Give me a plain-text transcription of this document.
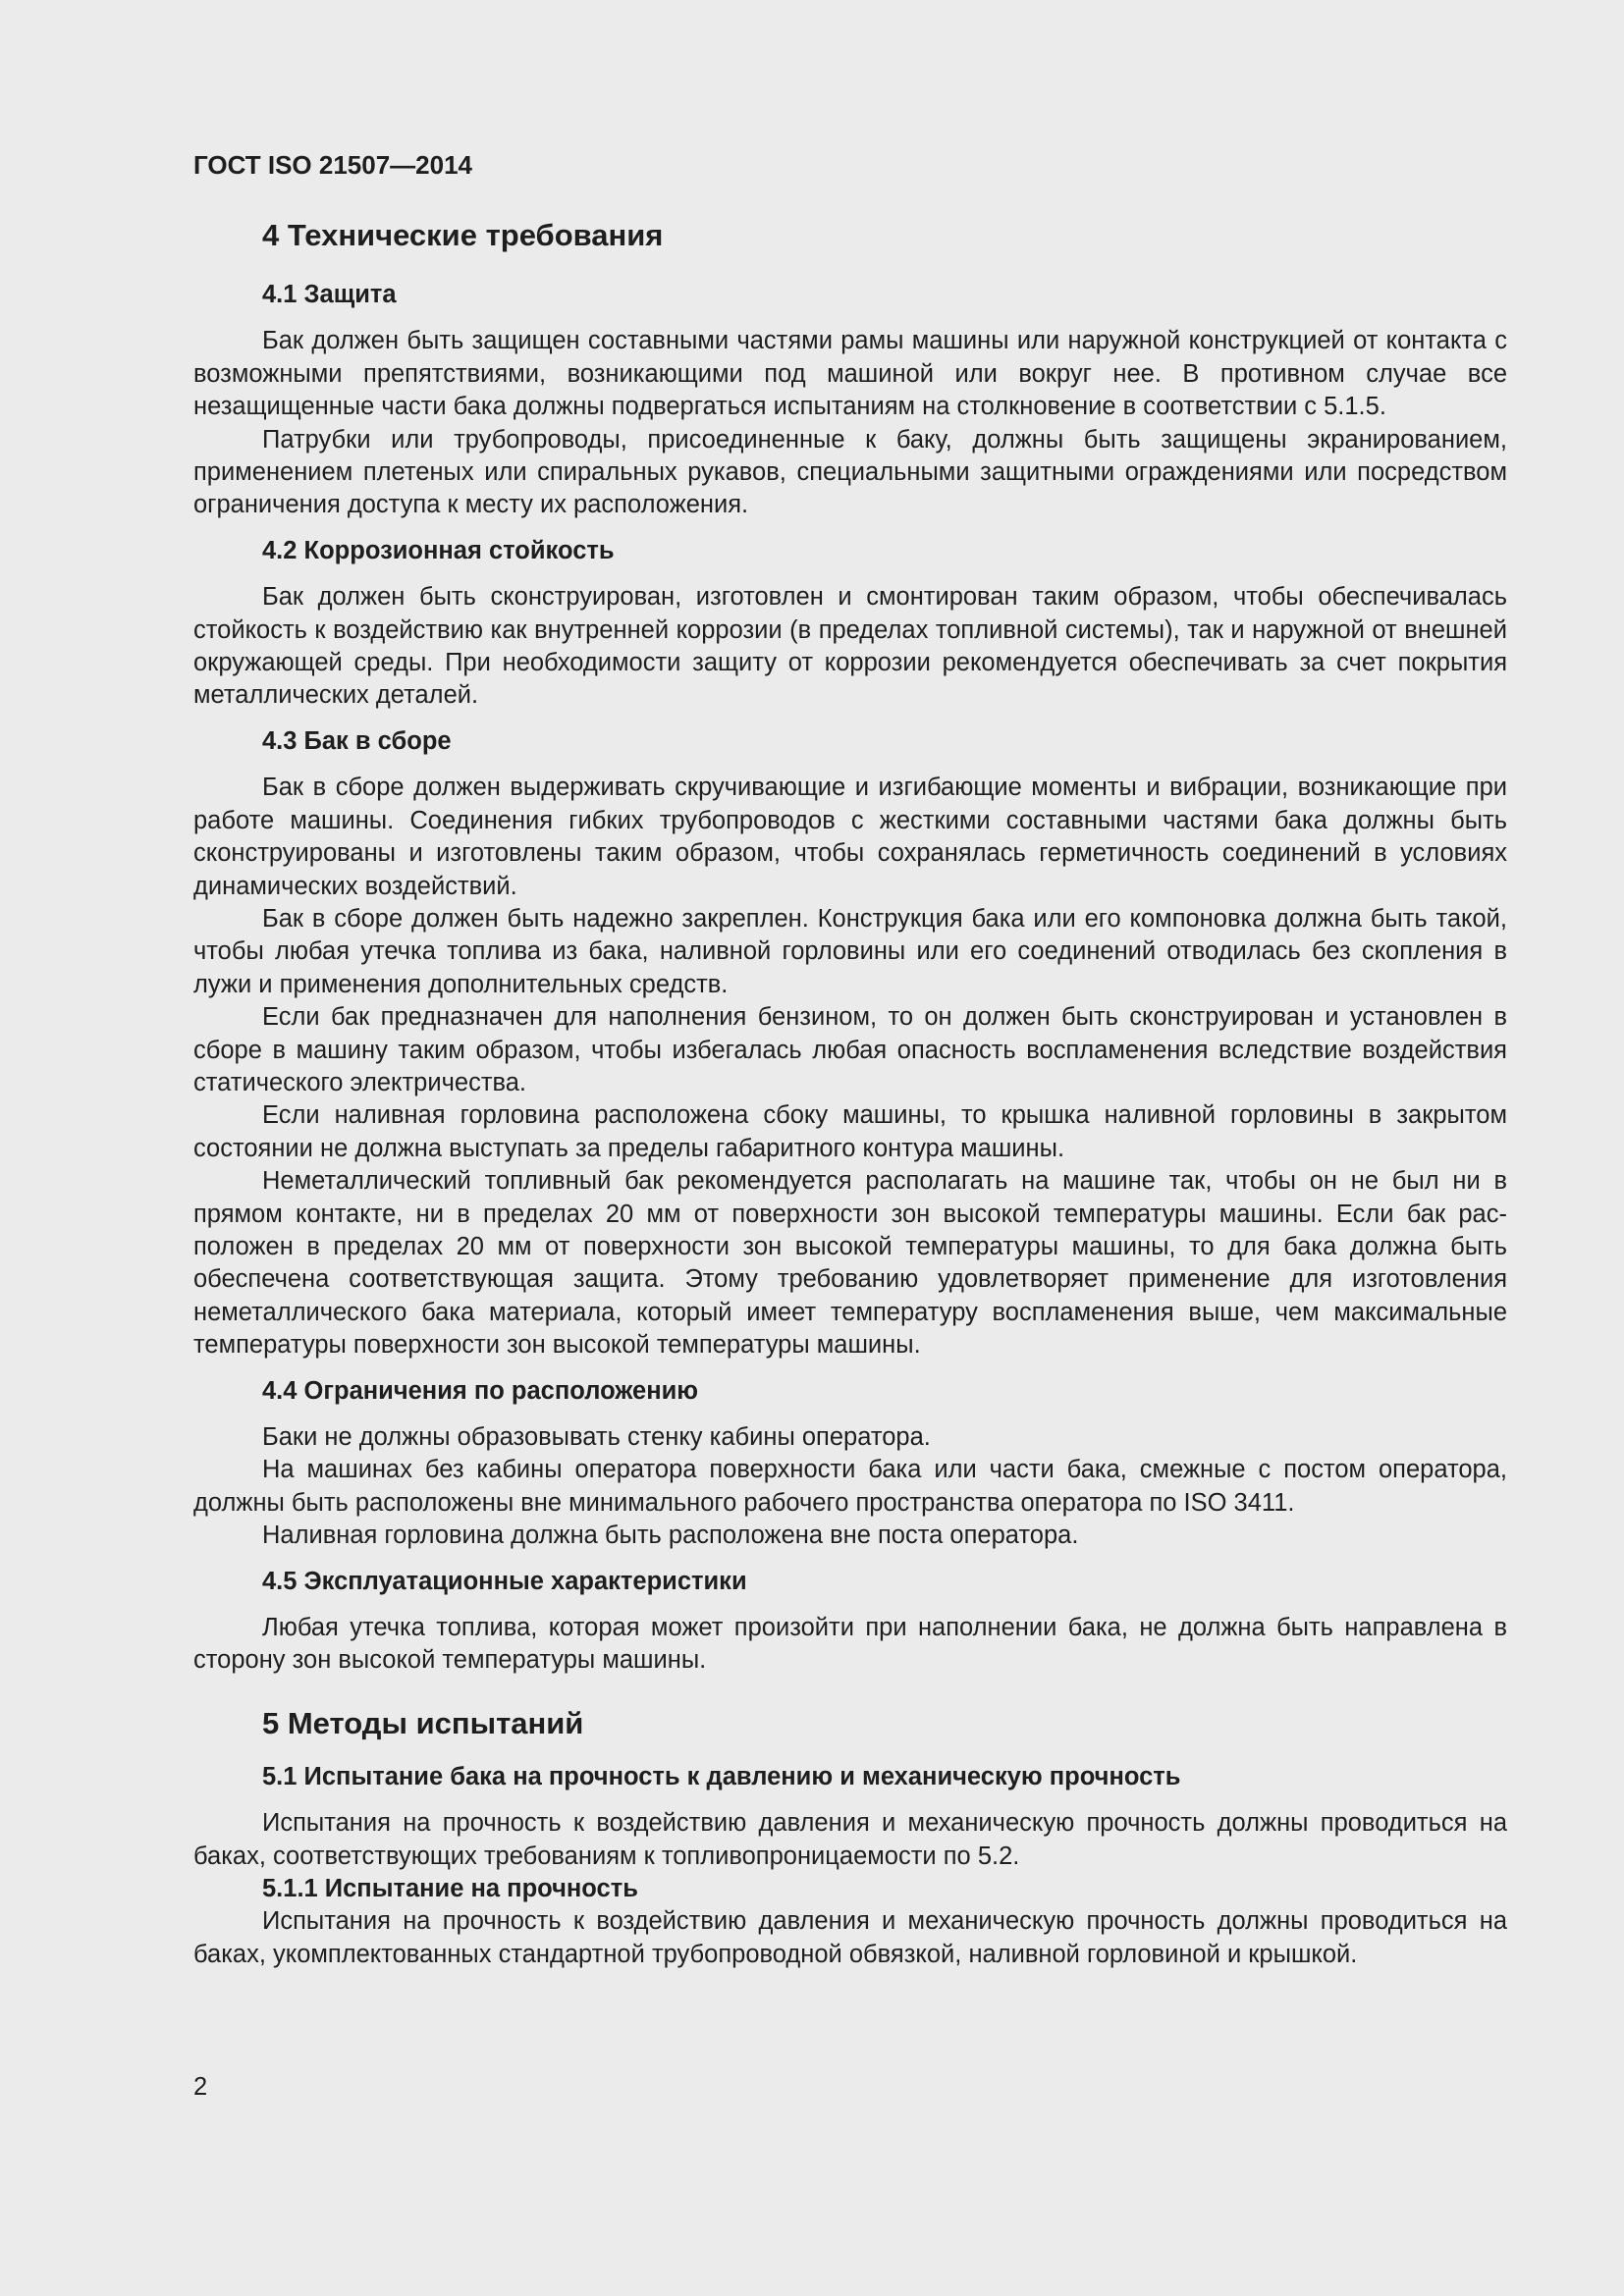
ГОСТ ISO 21507—2014
4 Технические требования
4.1 Защита

Бак должен быть защищен составными частями рамы машины или наружной конструкцией от контакта с возможными препятствиями, возникающими под машиной или вокруг нее. В противном случае все незащищенные части бака должны подвергаться испытаниям на столкновение в соответствии с 5.1.5.

Патрубки или трубопроводы, присоединенные к баку, должны быть защищены экранированием, применением плетеных или спиральных рукавов, специальными защитными ограждениями или посредством ограничения доступа к месту их расположения.

4.2 Коррозионная стойкость

Бак должен быть сконструирован, изготовлен и смонтирован таким образом, чтобы обеспечивалась стойкость к воздействию как внутренней коррозии (в пределах топливной системы), так и наружной от внешней окружающей среды. При необходимости защиту от коррозии рекомендуется обеспечивать за счет покрытия металлических деталей.

4.3 Бак в сборе

Бак в сборе должен выдерживать скручивающие и изгибающие моменты и вибрации, возникающие при работе машины. Соединения гибких трубопроводов с жесткими составными частями бака должны быть сконструированы и изготовлены таким образом, чтобы сохранялась герметичность соединений в условиях динамических воздействий.

Бак в сборе должен быть надежно закреплен. Конструкция бака или его компоновка должна быть такой, чтобы любая утечка топлива из бака, наливной горловины или его соединений отводилась без скопления в лужи и применения дополнительных средств.

Если бак предназначен для наполнения бензином, то он должен быть сконструирован и установлен в сборе в машину таким образом, чтобы избегалась любая опасность воспламенения вследствие воздействия статического электричества.

Если наливная горловина расположена сбоку машины, то крышка наливной горловины в закрытом состоянии не должна выступать за пределы габаритного контура машины.

Неметаллический топливный бак рекомендуется располагать на машине так, чтобы он не был ни в прямом контакте, ни в пределах 20 мм от поверхности зон высокой температуры машины. Если бак расположен в пределах 20 мм от поверхности зон высокой температуры машины, то для бака должна быть обеспечена соответствующая защита. Этому требованию удовлетворяет применение для изготовления неметаллического бака материала, который имеет температуру воспламенения выше, чем максимальные температуры поверхности зон высокой температуры машины.

4.4 Ограничения по расположению

Баки не должны образовывать стенку кабины оператора.

На машинах без кабины оператора поверхности бака или части бака, смежные с постом оператора, должны быть расположены вне минимального рабочего пространства оператора по ISO 3411.

Наливная горловина должна быть расположена вне поста оператора.

4.5 Эксплуатационные характеристики

Любая утечка топлива, которая может произойти при наполнении бака, не должна быть направлена в сторону зон высокой температуры машины.

5 Методы испытаний
5.1 Испытание бака на прочность к давлению и механическую прочность

Испытания на прочность к воздействию давления и механическую прочность должны проводиться на баках, соответствующих требованиям к топливопроницаемости по 5.2.

5.1.1 Испытание на прочность

Испытания на прочность к воздействию давления и механическую прочность должны проводиться на баках, укомплектованных стандартной трубопроводной обвязкой, наливной горловиной и крышкой.

2
